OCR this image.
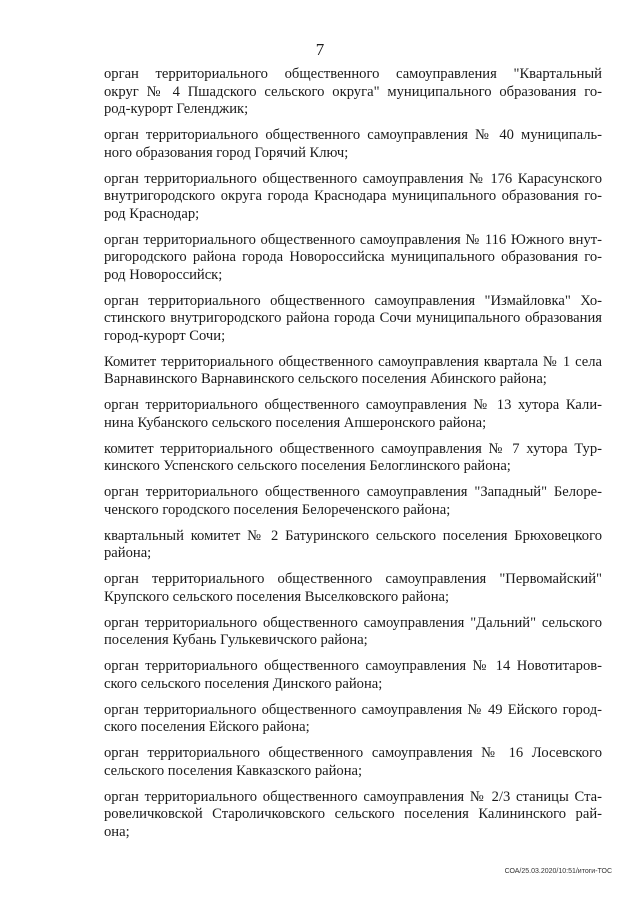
7
орган территориального общественного самоуправления "Квартальный
округ № 4 Пшадского сельского округа" муниципального образования го-
род-курорт Геленджик;
орган территориального общественного самоуправления № 40 муниципаль-
ного образования город Горячий Ключ;
орган территориального общественного самоуправления № 176 Карасунского
внутригородского округа города Краснодара муниципального образования го-
род Краснодар;
орган территориального общественного самоуправления № 116 Южного внут-
ригородского района города Новороссийска муниципального образования го-
род Новороссийск;
орган территориального общественного самоуправления "Измайловка" Хо-
стинского внутригородского района города Сочи муниципального образования
город-курорт Сочи;
Комитет территориального общественного самоуправления квартала № 1 села
Варнавинского Варнавинского сельского поселения Абинского района;
орган территориального общественного самоуправления № 13 хутора Кали-
нина Кубанского сельского поселения Апшеронского района;
комитет территориального общественного самоуправления № 7 хутора Тур-
кинского Успенского сельского поселения Белоглинского района;
орган территориального общественного самоуправления "Западный" Белоре-
ченского городского поселения Белореченского района;
квартальный комитет № 2 Батуринского сельского поселения Брюховецкого
района;
орган территориального общественного самоуправления "Первомайский"
Крупского сельского поселения Выселковского района;
орган территориального общественного самоуправления "Дальний" сельского
поселения Кубань Гулькевичского района;
орган территориального общественного самоуправления № 14 Новотитаров-
ского сельского поселения Динского района;
орган территориального общественного самоуправления № 49 Ейского город-
ского поселения Ейского района;
орган территориального общественного самоуправления № 16 Лосевского
сельского поселения Кавказского района;
орган территориального общественного самоуправления № 2/3 станицы Ста-
ровеличковской Староличковского сельского поселения Калининского рай-
она;
СОА/25.03.2020/10:51/итоги-ТОС
